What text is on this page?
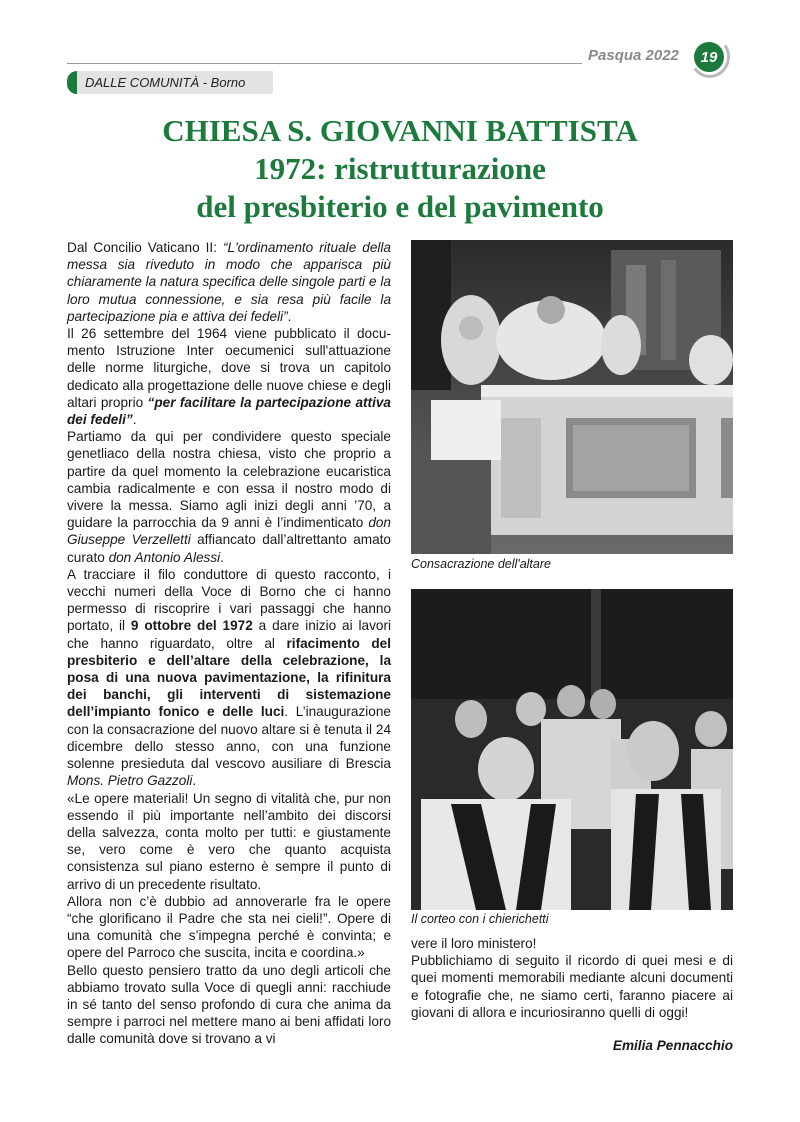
Pasqua 2022	19
DALLE COMUNITÀ - Borno
CHIESA S. GIOVANNI BATTISTA
1972: ristrutturazione
del presbiterio e del pavimento

Dal Concilio Vaticano II: “L'ordinamento rituale della messa sia riveduto in modo che apparisca più chiaramente la natura specifica delle singole parti e la loro mutua connessione, e sia resa più facile la partecipazione pia e attiva dei fedeli”.

Il 26 settembre del 1964 viene pubblicato il documento Istruzione Inter oecumenici sull'attuazione delle norme liturgiche, dove si trova un capitolo dedicato alla progettazione delle nuove chiese e degli altari proprio “per facilitare la partecipazione attiva dei fedeli”.

Partiamo da qui per condividere questo speciale genetliaco della nostra chiesa, visto che proprio a partire da quel momento la celebrazione eucaristica cambia radicalmente e con essa il nostro modo di vivere la messa. Siamo agli inizi degli anni ’70, a guidare la parrocchia da 9 anni è l’indimenticato don Giuseppe Verzelletti affiancato dall’altrettanto amato curato don Antonio Alessi.

A tracciare il filo conduttore di questo racconto, i vecchi numeri della Voce di Borno che ci hanno permesso di riscoprire i vari passaggi che hanno portato, il 9 ottobre del 1972 a dare inizio ai lavori che hanno riguardato, oltre al rifacimento del presbiterio e dell’altare della celebrazione, la posa di una nuova pavimentazione, la rifinitura dei banchi, gli interventi di sistemazione dell’impianto fonico e delle luci. L’inaugurazione con la consacrazione del nuovo altare si è tenuta il 24 dicembre dello stesso anno, con una funzione solenne presieduta dal vescovo ausiliare di Brescia Mons. Pietro Gazzoli.

«Le opere materiali! Un segno di vitalità che, pur non essendo il più importante nell’ambito dei discorsi della salvezza, conta molto per tutti: e giustamente se, vero come è vero che quanto acquista consistenza sul piano esterno è sempre il punto di arrivo di un precedente risultato.

Allora non c’è dubbio ad annoverarle fra le opere “che glorificano il Padre che sta nei cieli!”. Opere di una comunità che s’impegna perché è convinta; e opere del Parroco che suscita, incita e coordina.»

Bello questo pensiero tratto da uno degli articoli che abbiamo trovato sulla Voce di quegli anni: racchiude in sé tanto del senso profondo di cura che anima da sempre i parroci nel mettere mano ai beni affidati loro dalle comunità dove si trovano a vi

Consacrazione dell'altare
Il corteo con i chierichetti

vere il loro ministero!

Pubblichiamo di seguito il ricordo di quei mesi e di quei momenti memorabili mediante alcuni documenti e fotografie che, ne siamo certi, faranno piacere ai giovani di allora e incuriosiranno quelli di oggi!

Emilia Pennacchio
